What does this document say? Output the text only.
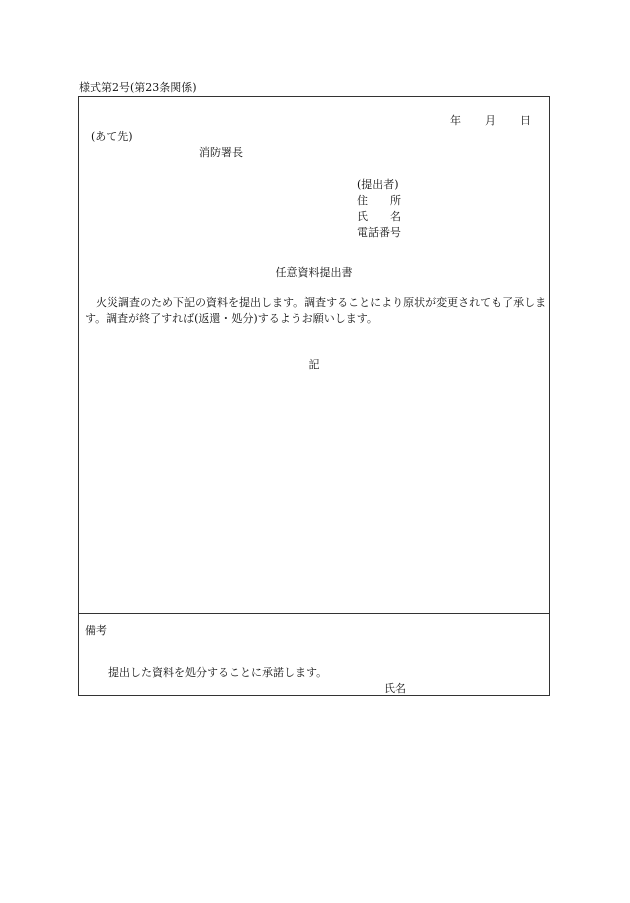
様式第2号(第23条関係)
年 月 日
(あて先)
消防署長
(提出者)
住 所
氏 名
電話番号
任意資料提出書
火災調査のため下記の資料を提出します。調査することにより原状が変更されても了承します。調査が終了すれば(返還・処分)するようお願いします。
記
備考
提出した資料を処分することに承諾します。
氏名
